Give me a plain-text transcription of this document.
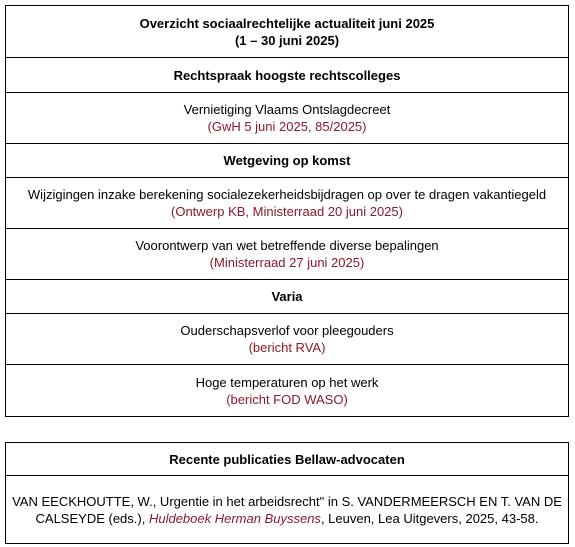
Overzicht sociaalrechtelijke actualiteit juni 2025
(1 – 30 juni 2025)

Rechtspraak hoogste rechtscolleges

Vernietiging Vlaams Ontslagdecreet
(GwH 5 juni 2025, 85/2025)

Wetgeving op komst

Wijzigingen inzake berekening socialezekerheidsbijdragen op over te dragen vakantiegeld
(Ontwerp KB, Ministerraad 20 juni 2025)

Voorontwerp van wet betreffende diverse bepalingen
(Ministerraad 27 juni 2025)

Varia

Ouderschapsverlof voor pleegouders
(bericht RVA)

Hoge temperaturen op het werk
(bericht FOD WASO)
Recente publicaties Bellaw-advocaten
VAN EECKHOUTTE, W., Urgentie in het arbeidsrecht" in S. VANDERMEERSCH EN T. VAN DE CALSEYDE (eds.), Huldeboek Herman Buyssens, Leuven, Lea Uitgevers, 2025, 43-58.
